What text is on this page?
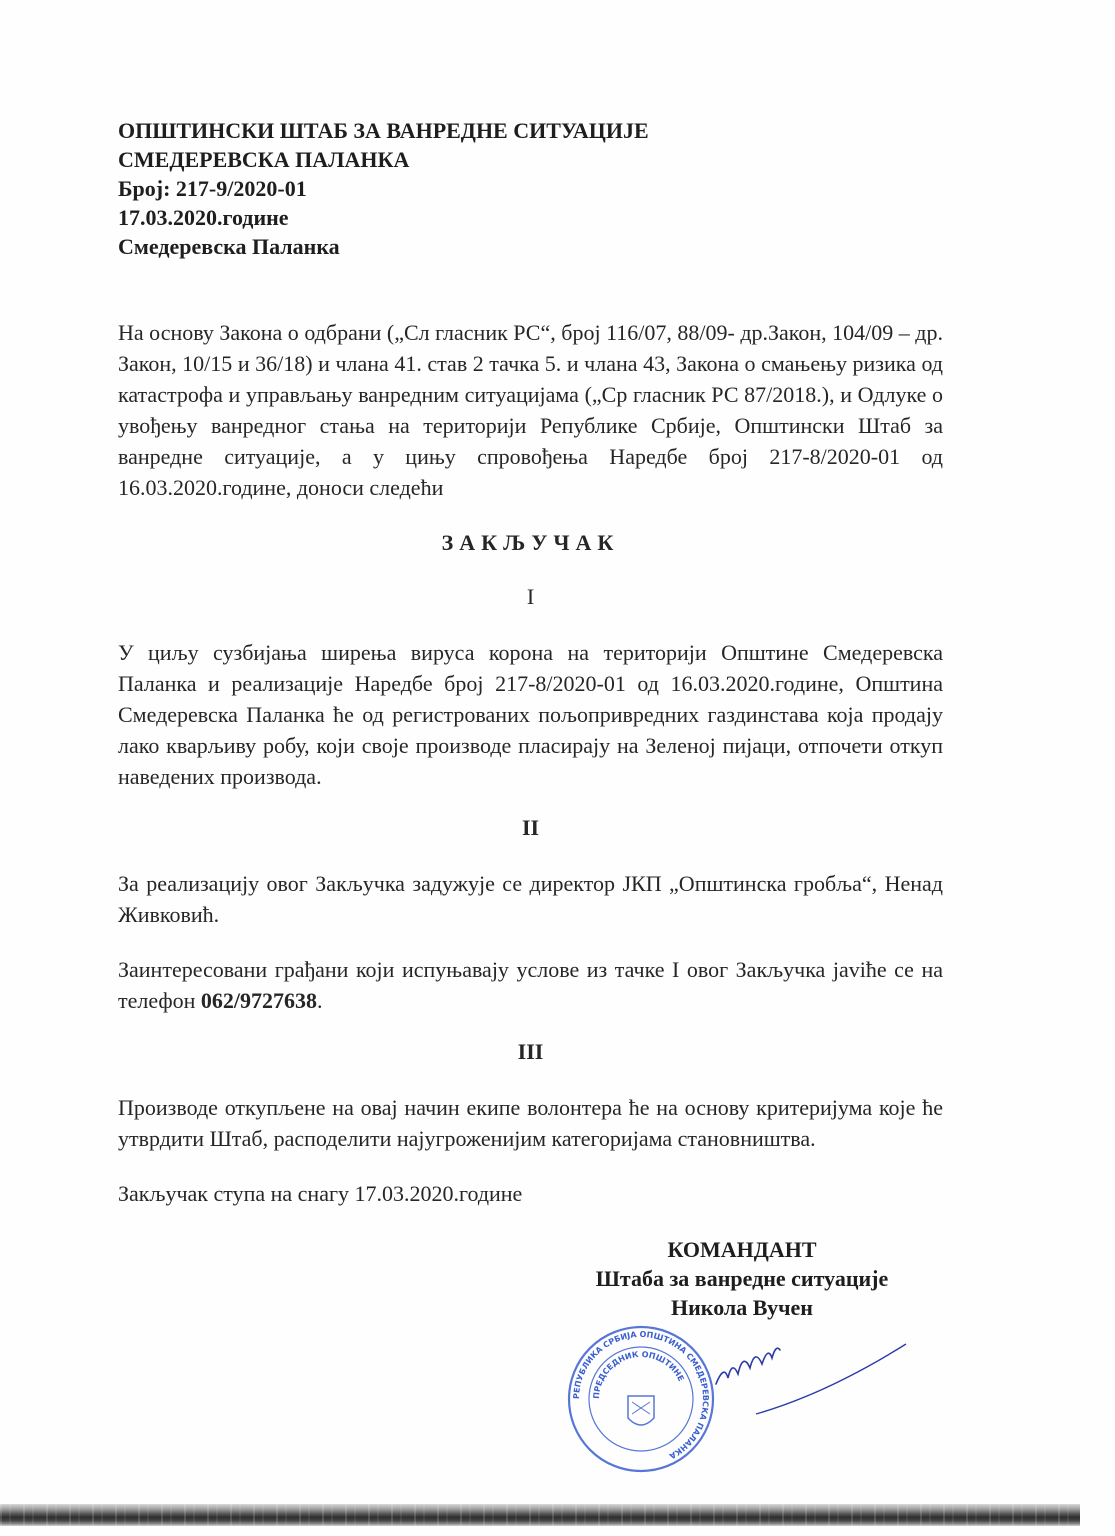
ОПШТИНСКИ ШТАБ ЗА ВАНРЕДНЕ СИТУАЦИЈЕ
СМЕДЕРЕВСКА ПАЛАНКА
Број: 217-9/2020-01
17.03.2020.године
Смедеревска Паланка

На основу Закона о одбрани („Сл гласник РС“, број 116/07, 88/09- др.Закон, 104/09 – др. Закон, 10/15 и 36/18) и члана 41. став 2 тачка 5. и члана 43, Закона о смањењу ризика од катастрофа и управљању ванредним ситуацијама („Ср гласник РС 87/2018.), и Одлуке о увођењу ванредног стања на територији Републике Србије, Општински Штаб за ванредне ситуације, а у цињу спровођења Наредбе број 217-8/2020-01 од 16.03.2020.године, доноси следећи

ЗАКЉУЧАК
I

У циљу сузбијања ширења вируса корона на територији Општине Смедеревска Паланка и реализације Наредбе број 217-8/2020-01 од 16.03.2020.године, Општина Смедеревска Паланка ће од регистрованих пољопривредних газдинстава која продају лако кварљиву робу, који своје производе пласирају на Зеленој пијаци, отпочети откуп наведених производа.

II

За реализацију овог Закључка задужује се директор ЈКП „Општинска гробља“, Ненад Живковић.

Заинтересовани грађани који испуњавају услове из тачке I овог Закључка javiће се на телефон 062/9727638.

III

Производе откупљене на овај начин екипе волонтера ће на основу критеријума које ће утврдити Штаб, расподелити најугроженијим категоријама становништва.

Закључак ступа на снагу 17.03.2020.године

КОМАНДАНТ
Штаба за ванредне ситуације
Никола Вучен
РЕПУБЛИКА СРБИЈА ОПШТИНА СМЕДЕРЕВСКА ПАЛАНКА
ПРЕДСЕДНИК ОПШТИНЕ
